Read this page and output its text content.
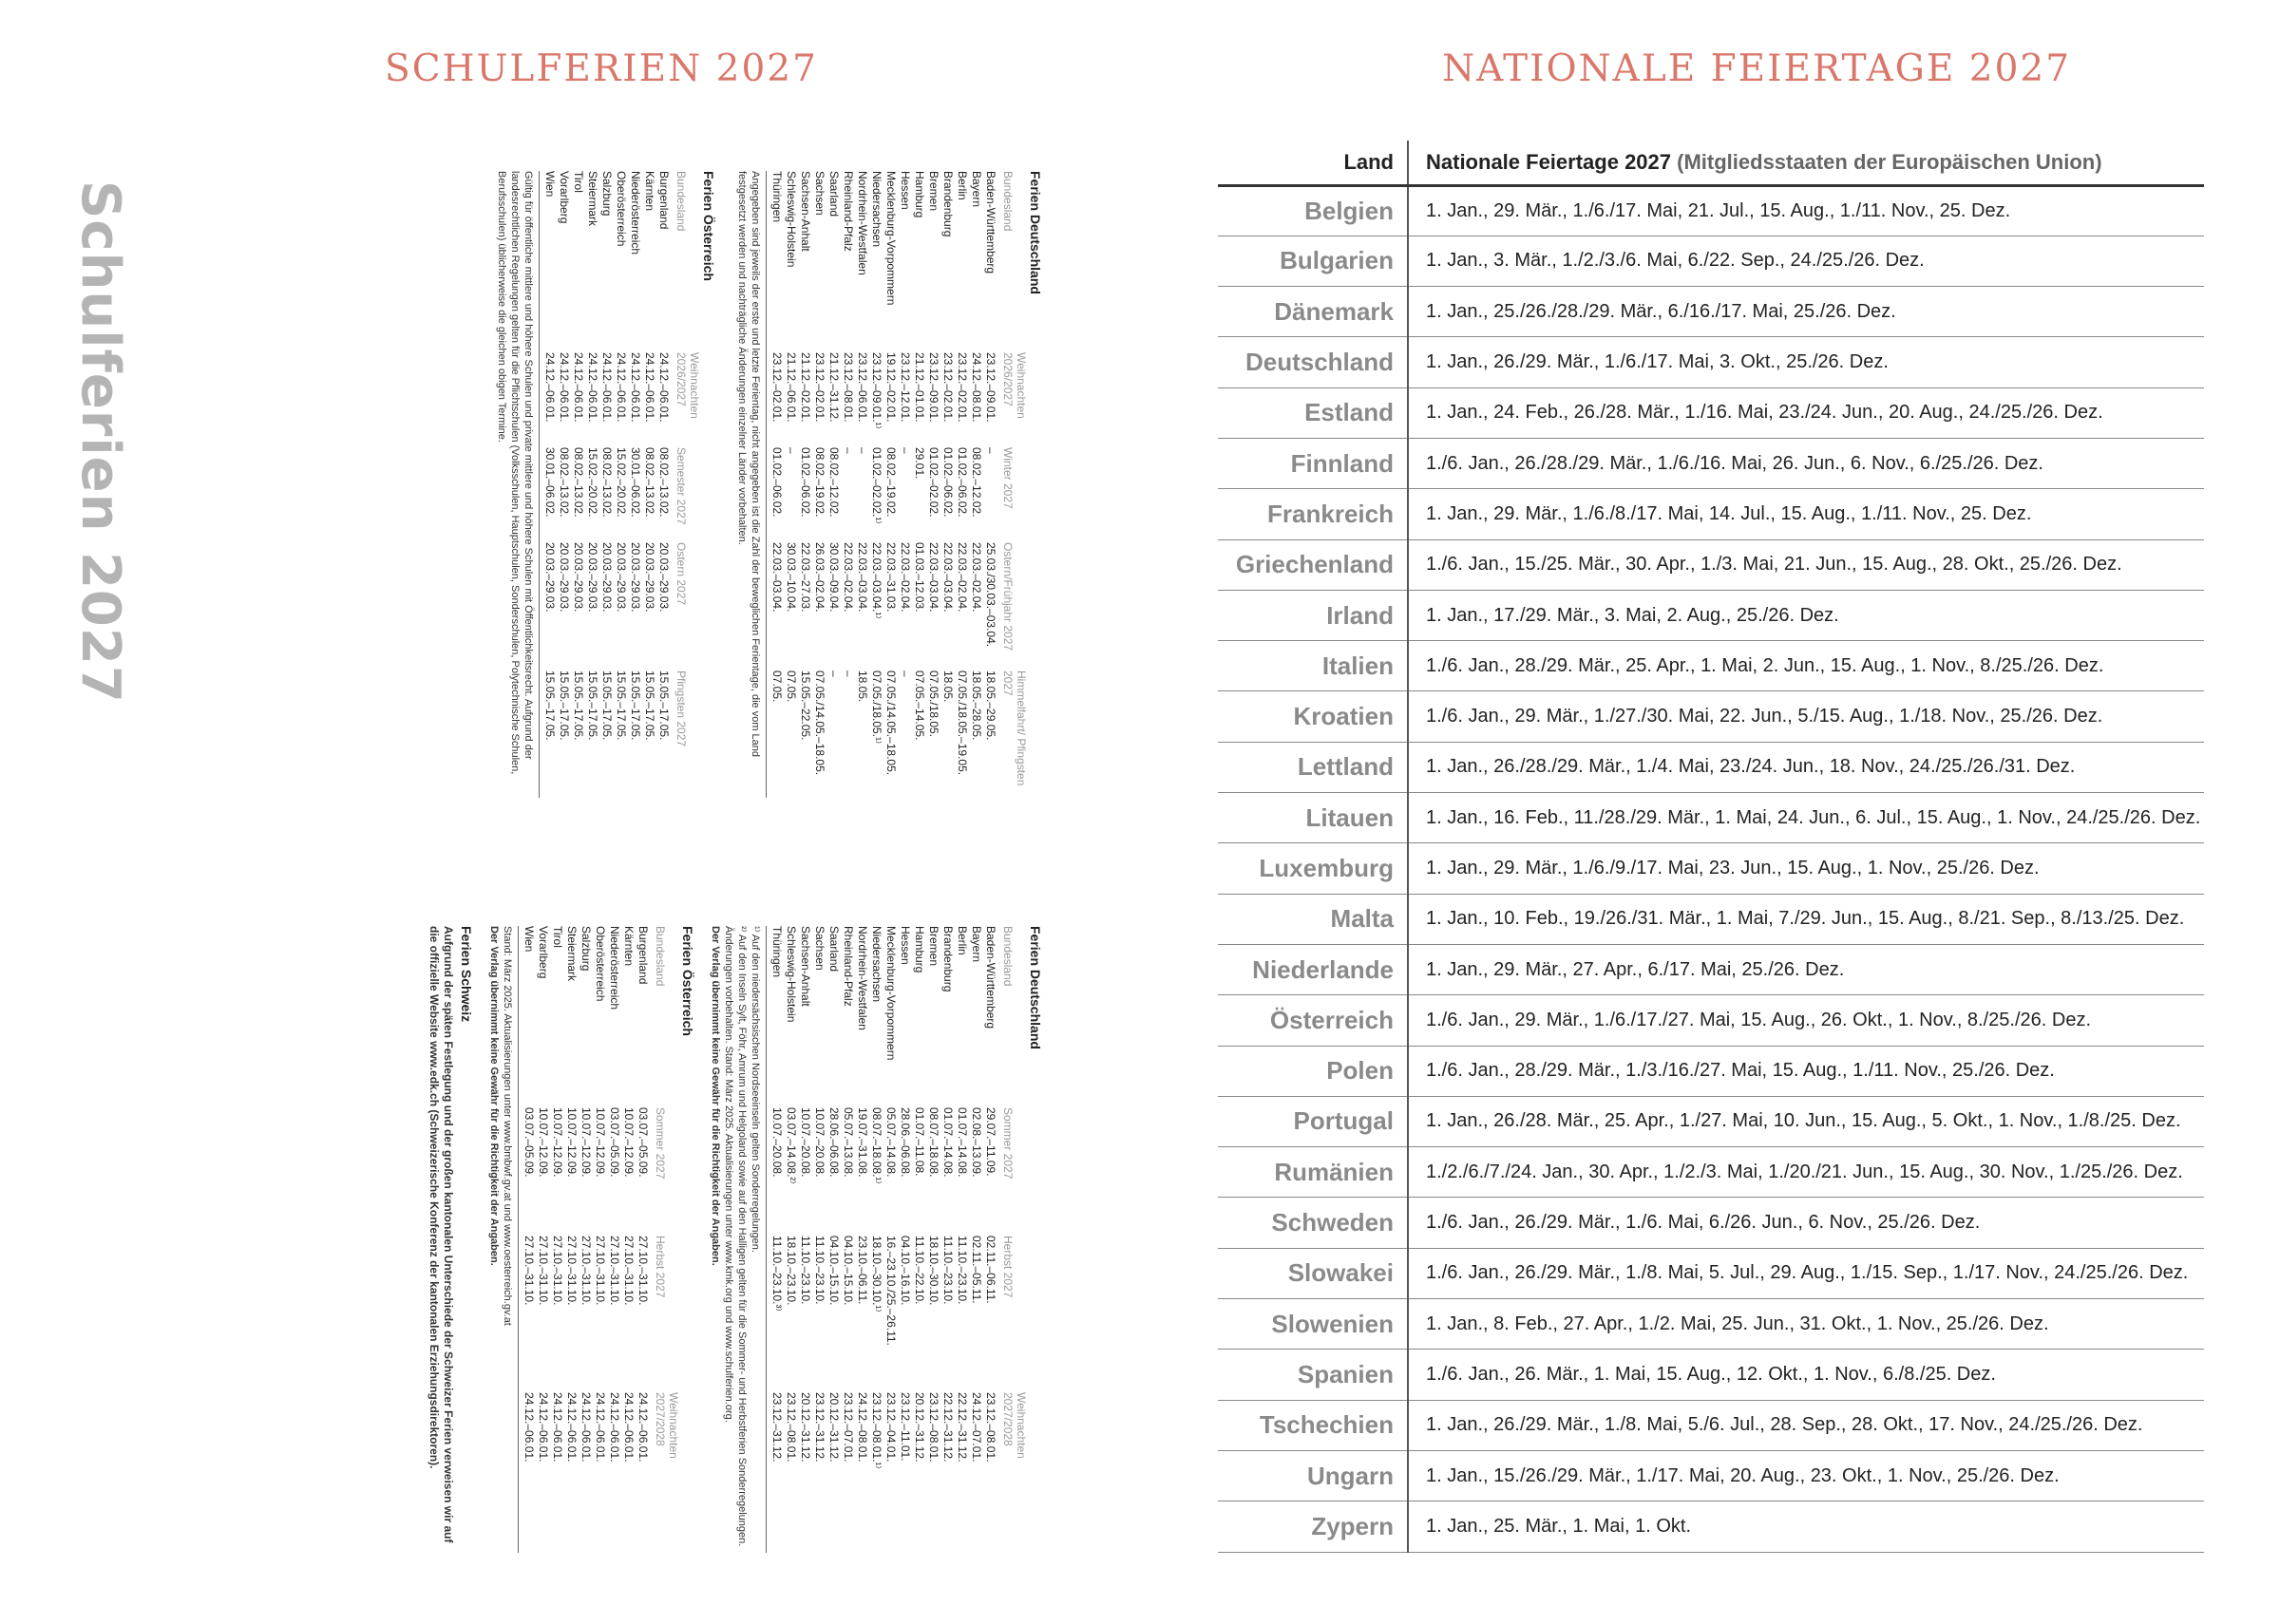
SCHULFERIEN 2027
Schulferien 2027	Ferien Deutschland
Bundesland	Weihnachten 2026/2027	Winter 2027	Ostern/Frühjahr 2027	Himmelfahrt/ Pfingsten 2027
Baden-Württemberg	23.12.–09.01.	–	25.03./30.03.–03.04.	18.05.–29.05.
Bayern	24.12.–08.01.	08.02.–12.02.	22.03.–02.04.	18.05.–28.05.
Berlin	23.12.–02.01.	01.02.–06.02.	22.03.–02.04.	07.05./18.05.–19.05.
Brandenburg	23.12.–02.01.	01.02.–06.02.	22.03.–03.04.	18.05.
Bremen	23.12.–09.01.	01.02.–02.02.	22.03.–03.04.	07.05./18.05.
Hamburg	21.12.–01.01.	29.01.	01.03.–12.03.	07.05.–14.05.
Hessen	23.12.–12.01.	–	22.03.–02.04.	–
Mecklenburg-Vorpommern	19.12.–02.01.	08.02.–19.02.	22.03.–31.03.	07.05./14.05.–18.05.
Niedersachsen	23.12.–09.01.¹⁾	01.02.–02.02.¹⁾	22.03.–03.04.¹⁾	07.05./18.05.¹⁾
Nordrhein-Westfalen	23.12.–06.01.	–	22.03.–03.04.	18.05.
Rheinland-Pfalz	23.12.–08.01.	–	22.03.–02.04.	–
Saarland	21.12.–31.12.	08.02.–12.02.	30.03.–09.04.	–
Sachsen	23.12.–02.01.	08.02.–19.02.	26.03.–02.04.	07.05./14.05.–18.05.
Sachsen-Anhalt	21.12.–02.01.	01.02.–06.02.	22.03.–27.03.	15.05.–22.05.
Schleswig-Holstein	21.12.–06.01.	–	30.03.–10.04.	07.05.
Thüringen	23.12.–02.01.	01.02.–06.02.	22.03.–03.04.	07.05.
Angegeben sind jeweils der erste und letzte Ferientag, nicht angegeben ist die Zahl der beweglichen Ferientage, die vom Land festgesetzt werden und nachträgliche Änderungen einzelner Länder vorbehalten.
Ferien Österreich
Bundesland	Weihnachten 2026/2027	Semester 2027	Ostern 2027	Pfingsten 2027
Burgenland	24.12.–06.01.	08.02.–13.02.	20.03.–29.03.	15.05.–17.05.
Kärnten	24.12.–06.01.	08.02.–13.02.	20.03.–29.03.	15.05.–17.05.
Niederösterreich	24.12.–06.01.	30.01.–06.02.	20.03.–29.03.	15.05.–17.05.
Oberösterreich	24.12.–06.01.	15.02.–20.02.	20.03.–29.03.	15.05.–17.05.
Salzburg	24.12.–06.01.	08.02.–13.02.	20.03.–29.03.	15.05.–17.05.
Steiermark	24.12.–06.01.	15.02.–20.02.	20.03.–29.03.	15.05.–17.05.
Tirol	24.12.–06.01.	08.02.–13.02.	20.03.–29.03.	15.05.–17.05.
Vorarlberg	24.12.–06.01.	08.02.–13.02.	20.03.–29.03.	15.05.–17.05.
Wien	24.12.–06.01.	30.01.–06.02.	20.03.–29.03.	15.05.–17.05.
Gültig für öffentliche mittlere und höhere Schulen und private mittlere und höhere Schulen mit Öffentlichkeitsrecht. Aufgrund der landesrechtlichen Regelungen gelten für die Pflichtschulen (Volksschulen, Hauptschulen, Sonderschulen, Polytechnische Schulen, Berufsschulen) üblicherweise die gleichen obigen Termine.
Ferien Deutschland
Bundesland	Sommer 2027	Herbst 2027	Weihnachten 2027/2028
Baden-Württemberg	29.07.–11.09.	02.11.–06.11.	23.12.–08.01.
Bayern	02.08.–13.09.	02.11.–05.11.	24.12.–07.01.
Berlin	01.07.–14.08.	11.10.–23.10.	22.12.–31.12.
Brandenburg	01.07.–14.08.	11.10.–23.10.	22.12.–31.12.
Bremen	08.07.–18.08.	18.10.–30.10.	23.12.–08.01.
Hamburg	01.07.–11.08.	11.10.–22.10.	20.12.–31.12.
Hessen	28.06.–06.08.	04.10.–16.10.	23.12.–11.01.
Mecklenburg-Vorpommern	05.07.–14.08.	16.–23.10./25.–26.11.	23.12.–04.01.
Niedersachsen	08.07.–18.08.¹⁾	18.10.–30.10.¹⁾	23.12.–08.01.¹⁾
Nordrhein-Westfalen	19.07.–31.08.	23.10.–06.11.	24.12.–08.01.
Rheinland-Pfalz	05.07.–13.08.	04.10.–15.10.	23.12.–07.01.
Saarland	28.06.–06.08.	04.10.–15.10.	20.12.–31.12.
Sachsen	10.07.–20.08.	11.10.–23.10.	23.12.–31.12.
Sachsen-Anhalt	10.07.–20.08.	11.10.–23.10.	20.12.–31.12.
Schleswig-Holstein	03.07.–14.08.²⁾	18.10.–23.10.	23.12.–08.01.
Thüringen	10.07.–20.08.	11.10.–23.10.³⁾	23.12.–31.12.
¹⁾ Auf den niedersächsischen Nordseeinseln gelten Sonderregelungen.
²⁾ Auf den Inseln Sylt, Föhr, Amrum und Helgoland sowie auf den Halligen gelten für die Sommer- und Herbstferien Sonderregelungen.
Änderungen vorbehalten. Stand: März 2025. Aktualisierungen unter www.kmk.org und www.schulferien.org.
Der Verlag übernimmt keine Gewähr für die Richtigkeit der Angaben.
Ferien Österreich
Bundesland	Sommer 2027	Herbst 2027	Weihnachten 2027/2028
Burgenland	03.07.–05.09.	27.10.–31.10.	24.12.–06.01.
Kärnten	10.07.–12.09.	27.10.–31.10.	24.12.–06.01.
Niederösterreich	03.07.–05.09.	27.10.–31.10.	24.12.–06.01.
Oberösterreich	10.07.–12.09.	27.10.–31.10.	24.12.–06.01.
Salzburg	10.07.–12.09.	27.10.–31.10.	24.12.–06.01.
Steiermark	10.07.–12.09.	27.10.–31.10.	24.12.–06.01.
Tirol	10.07.–12.09.	27.10.–31.10.	24.12.–06.01.
Vorarlberg	10.07.–12.09.	27.10.–31.10.	24.12.–06.01.
Wien	03.07.–05.09.	27.10.–31.10.	24.12.–06.01.
Stand: März 2025. Aktualisierungen unter www.bmbwf.gv.at und www.oesterreich.gv.at
Der Verlag übernimmt keine Gewähr für die Richtigkeit der Angaben.
Ferien Schweiz
Aufgrund der späten Festlegung und der großen kantonalen Unterschiede der Schweizer Ferien verweisen wir auf die offizielle Website www.edk.ch (Schweizerische Konferenz der kantonalen Erziehungsdirektoren).
NATIONALE FEIERTAGE 2027
Land	Nationale Feiertage 2027 (Mitgliedsstaaten der Europäischen Union)
Belgien	1. Jan., 29. Mär., 1./6./17. Mai, 21. Jul., 15. Aug., 1./11. Nov., 25. Dez.
Bulgarien	1. Jan., 3. Mär., 1./2./3./6. Mai, 6./22. Sep., 24./25./26. Dez.
Dänemark	1. Jan., 25./26./28./29. Mär., 6./16./17. Mai, 25./26. Dez.
Deutschland	1. Jan., 26./29. Mär., 1./6./17. Mai, 3. Okt., 25./26. Dez.
Estland	1. Jan., 24. Feb., 26./28. Mär., 1./16. Mai, 23./24. Jun., 20. Aug., 24./25./26. Dez.
Finnland	1./6. Jan., 26./28./29. Mär., 1./6./16. Mai, 26. Jun., 6. Nov., 6./25./26. Dez.
Frankreich	1. Jan., 29. Mär., 1./6./8./17. Mai, 14. Jul., 15. Aug., 1./11. Nov., 25. Dez.
Griechenland	1./6. Jan., 15./25. Mär., 30. Apr., 1./3. Mai, 21. Jun., 15. Aug., 28. Okt., 25./26. Dez.
Irland	1. Jan., 17./29. Mär., 3. Mai, 2. Aug., 25./26. Dez.
Italien	1./6. Jan., 28./29. Mär., 25. Apr., 1. Mai, 2. Jun., 15. Aug., 1. Nov., 8./25./26. Dez.
Kroatien	1./6. Jan., 29. Mär., 1./27./30. Mai, 22. Jun., 5./15. Aug., 1./18. Nov., 25./26. Dez.
Lettland	1. Jan., 26./28./29. Mär., 1./4. Mai, 23./24. Jun., 18. Nov., 24./25./26./31. Dez.
Litauen	1. Jan., 16. Feb., 11./28./29. Mär., 1. Mai, 24. Jun., 6. Jul., 15. Aug., 1. Nov., 24./25./26. Dez.
Luxemburg	1. Jan., 29. Mär., 1./6./9./17. Mai, 23. Jun., 15. Aug., 1. Nov., 25./26. Dez.
Malta	1. Jan., 10. Feb., 19./26./31. Mär., 1. Mai, 7./29. Jun., 15. Aug., 8./21. Sep., 8./13./25. Dez.
Niederlande	1. Jan., 29. Mär., 27. Apr., 6./17. Mai, 25./26. Dez.
Österreich	1./6. Jan., 29. Mär., 1./6./17./27. Mai, 15. Aug., 26. Okt., 1. Nov., 8./25./26. Dez.
Polen	1./6. Jan., 28./29. Mär., 1./3./16./27. Mai, 15. Aug., 1./11. Nov., 25./26. Dez.
Portugal	1. Jan., 26./28. Mär., 25. Apr., 1./27. Mai, 10. Jun., 15. Aug., 5. Okt., 1. Nov., 1./8./25. Dez.
Rumänien	1./2./6./7./24. Jan., 30. Apr., 1./2./3. Mai, 1./20./21. Jun., 15. Aug., 30. Nov., 1./25./26. Dez.
Schweden	1./6. Jan., 26./29. Mär., 1./6. Mai, 6./26. Jun., 6. Nov., 25./26. Dez.
Slowakei	1./6. Jan., 26./29. Mär., 1./8. Mai, 5. Jul., 29. Aug., 1./15. Sep., 1./17. Nov., 24./25./26. Dez.
Slowenien	1. Jan., 8. Feb., 27. Apr., 1./2. Mai, 25. Jun., 31. Okt., 1. Nov., 25./26. Dez.
Spanien	1./6. Jan., 26. Mär., 1. Mai, 15. Aug., 12. Okt., 1. Nov., 6./8./25. Dez.
Tschechien	1. Jan., 26./29. Mär., 1./8. Mai, 5./6. Jul., 28. Sep., 28. Okt., 17. Nov., 24./25./26. Dez.
Ungarn	1. Jan., 15./26./29. Mär., 1./17. Mai, 20. Aug., 23. Okt., 1. Nov., 25./26. Dez.
Zypern	1. Jan., 25. Mär., 1. Mai, 1. Okt.
